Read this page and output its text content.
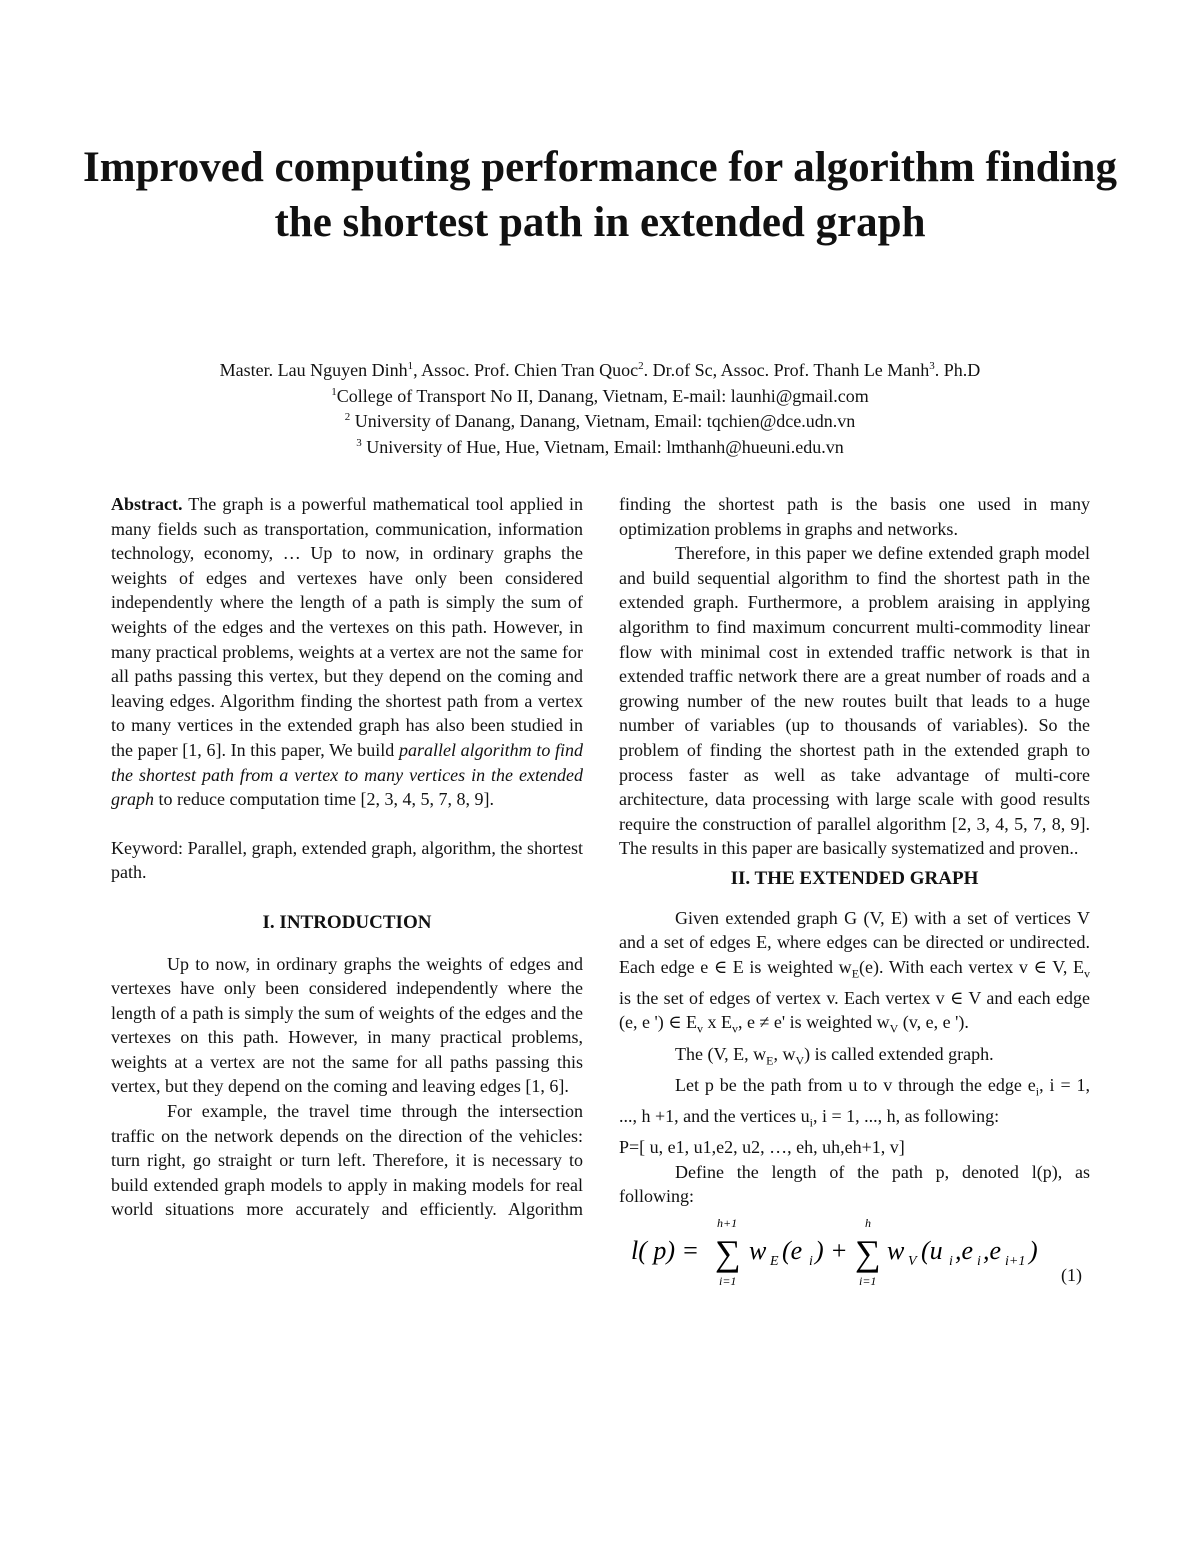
Improved computing performance for algorithm finding the shortest path in extended graph
Master. Lau Nguyen Dinh$^1$, Assoc. Prof. Chien Tran Quoc$^2$. Dr.of Sc, Assoc. Prof. Thanh Le Manh$^3$. Ph.D
$^1$College of Transport No II, Danang, Vietnam, E-mail: launhi@gmail.com
$^2$ University of Danang, Danang, Vietnam, Email: tqchien@dce.udn.vn
$^3$ University of Hue, Hue, Vietnam, Email: lmthanh@hueuni.edu.vn

Abstract. The graph is a powerful mathematical tool applied in many fields such as transportation, communication, information technology, economy, … Up to now, in ordinary graphs the weights of edges and vertexes have only been considered independently where the length of a path is simply the sum of weights of the edges and the vertexes on this path. However, in many practical problems, weights at a vertex are not the same for all paths passing this vertex, but they depend on the coming and leaving edges. Algorithm finding the shortest path from a vertex to many vertices in the extended graph has also been studied in the paper [1, 6]. In this paper, We build parallel algorithm to find the shortest path from a vertex to many vertices in the extended graph to reduce computation time [2, 3, 4, 5, 7, 8, 9].

Keyword: Parallel, graph, extended graph, algorithm, the shortest path.

I. INTRODUCTION

Up to now, in ordinary graphs the weights of edges and vertexes have only been considered independently where the length of a path is simply the sum of weights of the edges and the vertexes on this path. However, in many practical problems, weights at a vertex are not the same for all paths passing this vertex, but they depend on the coming and leaving edges [1, 6].

For example, the travel time through the intersection traffic on the network depends on the direction of the vehicles: turn right, go straight or turn left. Therefore, it is necessary to build extended graph models to apply in making models for real world situations more accurately and efficiently. Algorithm

finding the shortest path is the basis one used in many optimization problems in graphs and networks.

Therefore, in this paper we define extended graph model and build sequential algorithm to find the shortest path in the extended graph. Furthermore, a problem araising in applying algorithm to find maximum concurrent multi-commodity linear flow with minimal cost in extended traffic network is that in extended traffic network there are a great number of roads and a growing number of the new routes built that leads to a huge number of variables (up to thousands of variables). So the problem of finding the shortest path in the extended graph to process faster as well as take advantage of multi-core architecture, data processing with large scale with good results require the construction of parallel algorithm [2, 3, 4, 5, 7, 8, 9]. The results in this paper are basically systematized and proven..

II. THE EXTENDED GRAPH

Given extended graph G (V, E) with a set of vertices V and a set of edges E, where edges can be directed or undirected. Each edge e ∈ E is weighted $w_E(e)$. With each vertex v ∈ V, $E_v$ is the set of edges of vertex v. Each vertex v ∈ V and each edge (e, e ') ∈ $E_v$ x $E_v$, e ≠ e' is weighted $w_V$ (v, e, e ').

The (V, E, $w_E$, $w_V$) is called extended graph.

Let p be the path from u to v through the edge $e_i$, i = 1, ..., h +1, and the vertices $u_i$, i = 1, ..., h, as following:

P=[ u, e1, u1,e2, u2, …, eh, uh,eh+1, v]

Define the length of the path p, denoted l(p), as following:

l( p) =
h+1
∑
i=1
w E (e i ) +
h
∑
i=1
w V (u i ,e i ,e i+1 )
(1)
